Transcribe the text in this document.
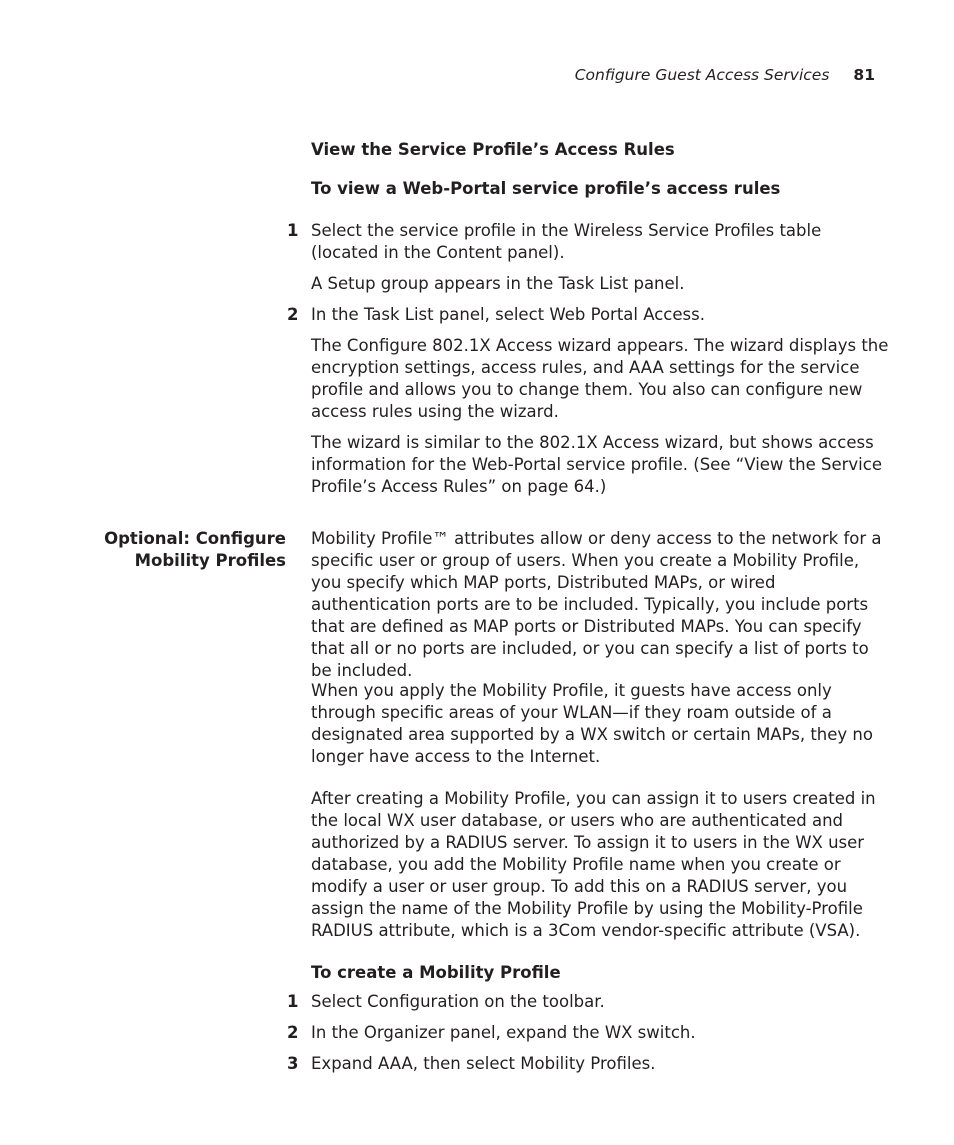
Configure Guest Access Services 81
View the Service Profile’s Access Rules
To view a Web-Portal service profile’s access rules
1 Select the service profile in the Wireless Service Profiles table (located in the Content panel).
A Setup group appears in the Task List panel.
2 In the Task List panel, select Web Portal Access.
The Configure 802.1X Access wizard appears. The wizard displays the encryption settings, access rules, and AAA settings for the service profile and allows you to change them. You also can configure new access rules using the wizard.
The wizard is similar to the 802.1X Access wizard, but shows access information for the Web-Portal service profile. (See “View the Service Profile’s Access Rules” on page 64.)
Optional: Configure
Mobility Profiles
Mobility Profile™ attributes allow or deny access to the network for a specific user or group of users. When you create a Mobility Profile, you specify which MAP ports, Distributed MAPs, or wired authentication ports are to be included. Typically, you include ports that are defined as MAP ports or Distributed MAPs. You can specify that all or no ports are included, or you can specify a list of ports to be included.
When you apply the Mobility Profile, it guests have access only through specific areas of your WLAN—if they roam outside of a designated area supported by a WX switch or certain MAPs, they no longer have access to the Internet.
After creating a Mobility Profile, you can assign it to users created in the local WX user database, or users who are authenticated and authorized by a RADIUS server. To assign it to users in the WX user database, you add the Mobility Profile name when you create or modify a user or user group. To add this on a RADIUS server, you assign the name of the Mobility Profile by using the Mobility-Profile RADIUS attribute, which is a 3Com vendor-specific attribute (VSA).
To create a Mobility Profile
1 Select Configuration on the toolbar.
2 In the Organizer panel, expand the WX switch.
3 Expand AAA, then select Mobility Profiles.
